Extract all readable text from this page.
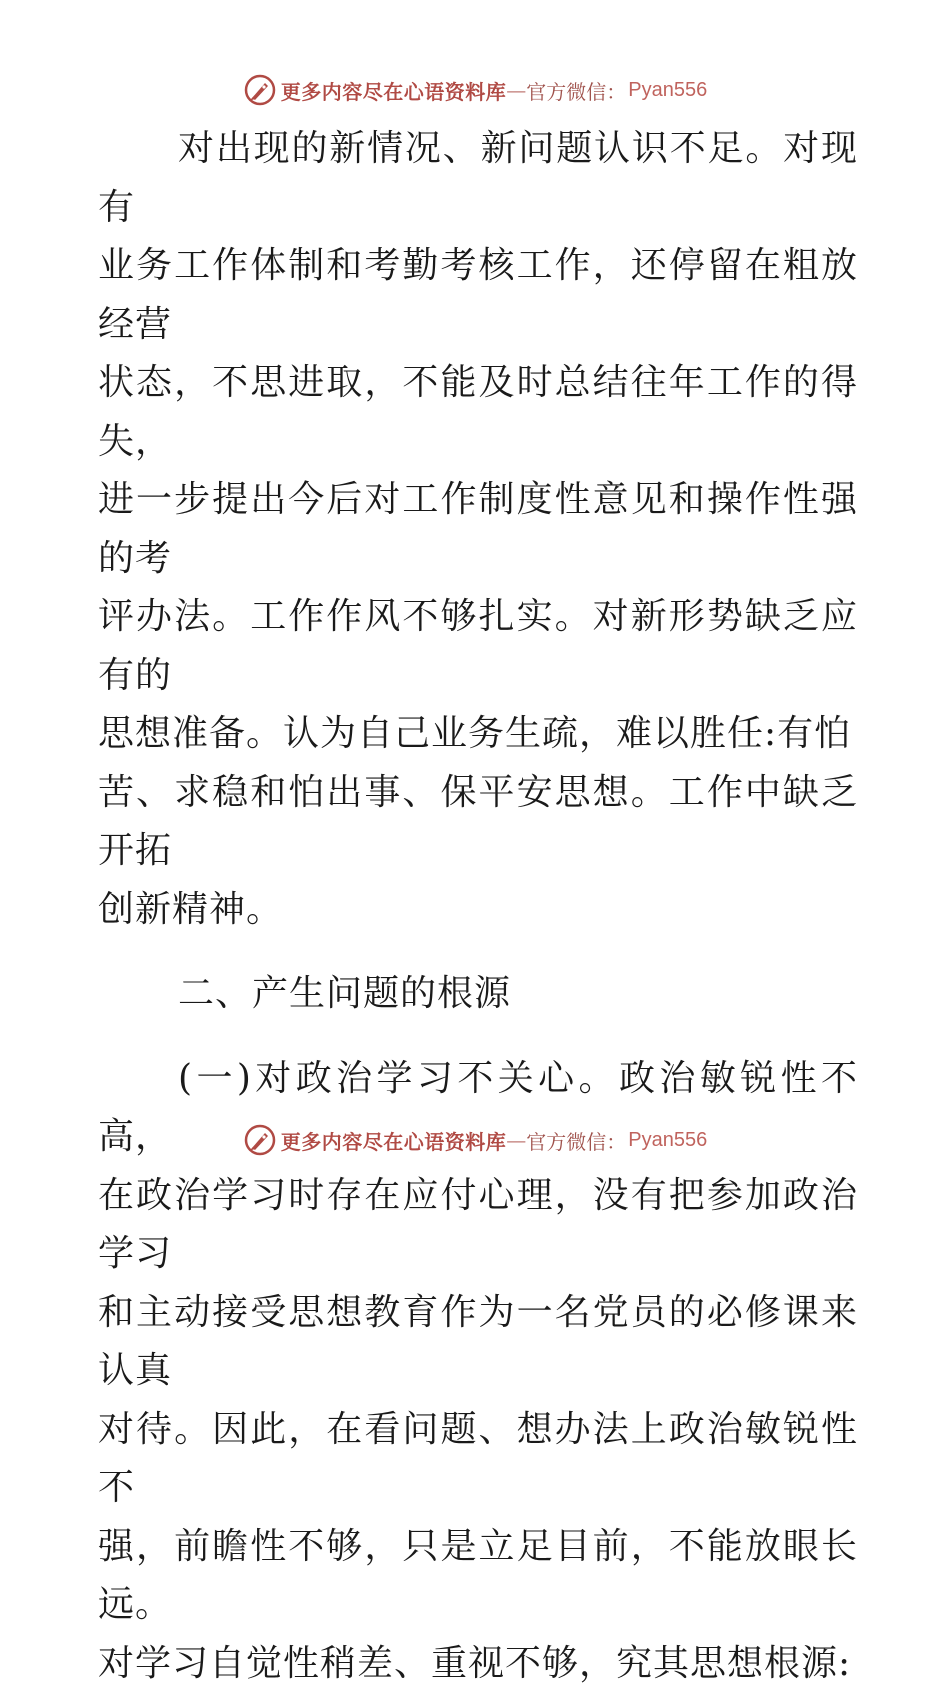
更多内容尽在心语资料库 — 官方微信： Pyan556

对出现的新情况、新问题认识不足。对现有
业务工作体制和考勤考核工作，还停留在粗放经营
状态，不思进取，不能及时总结往年工作的得失，
进一步提出今后对工作制度性意见和操作性强的考
评办法。工作作风不够扎实。对新形势缺乏应有的
思想准备。认为自己业务生疏，难以胜任:有怕
苦、求稳和怕出事、保平安思想。工作中缺乏开拓
创新精神。

二、产生问题的根源

(一)对政治学习不关心。政治敏锐性不高，
在政治学习时存在应付心理，没有把参加政治学习
和主动接受思想教育作为一名党员的必修课来认真
对待。因此，在看问题、想办法上政治敏锐性不
强，前瞻性不够，只是立足目前，不能放眼长远。
对学习自觉性稍差、重视不够，究其思想根源:

更多内容尽在心语资料库 — 官方微信： Pyan556
